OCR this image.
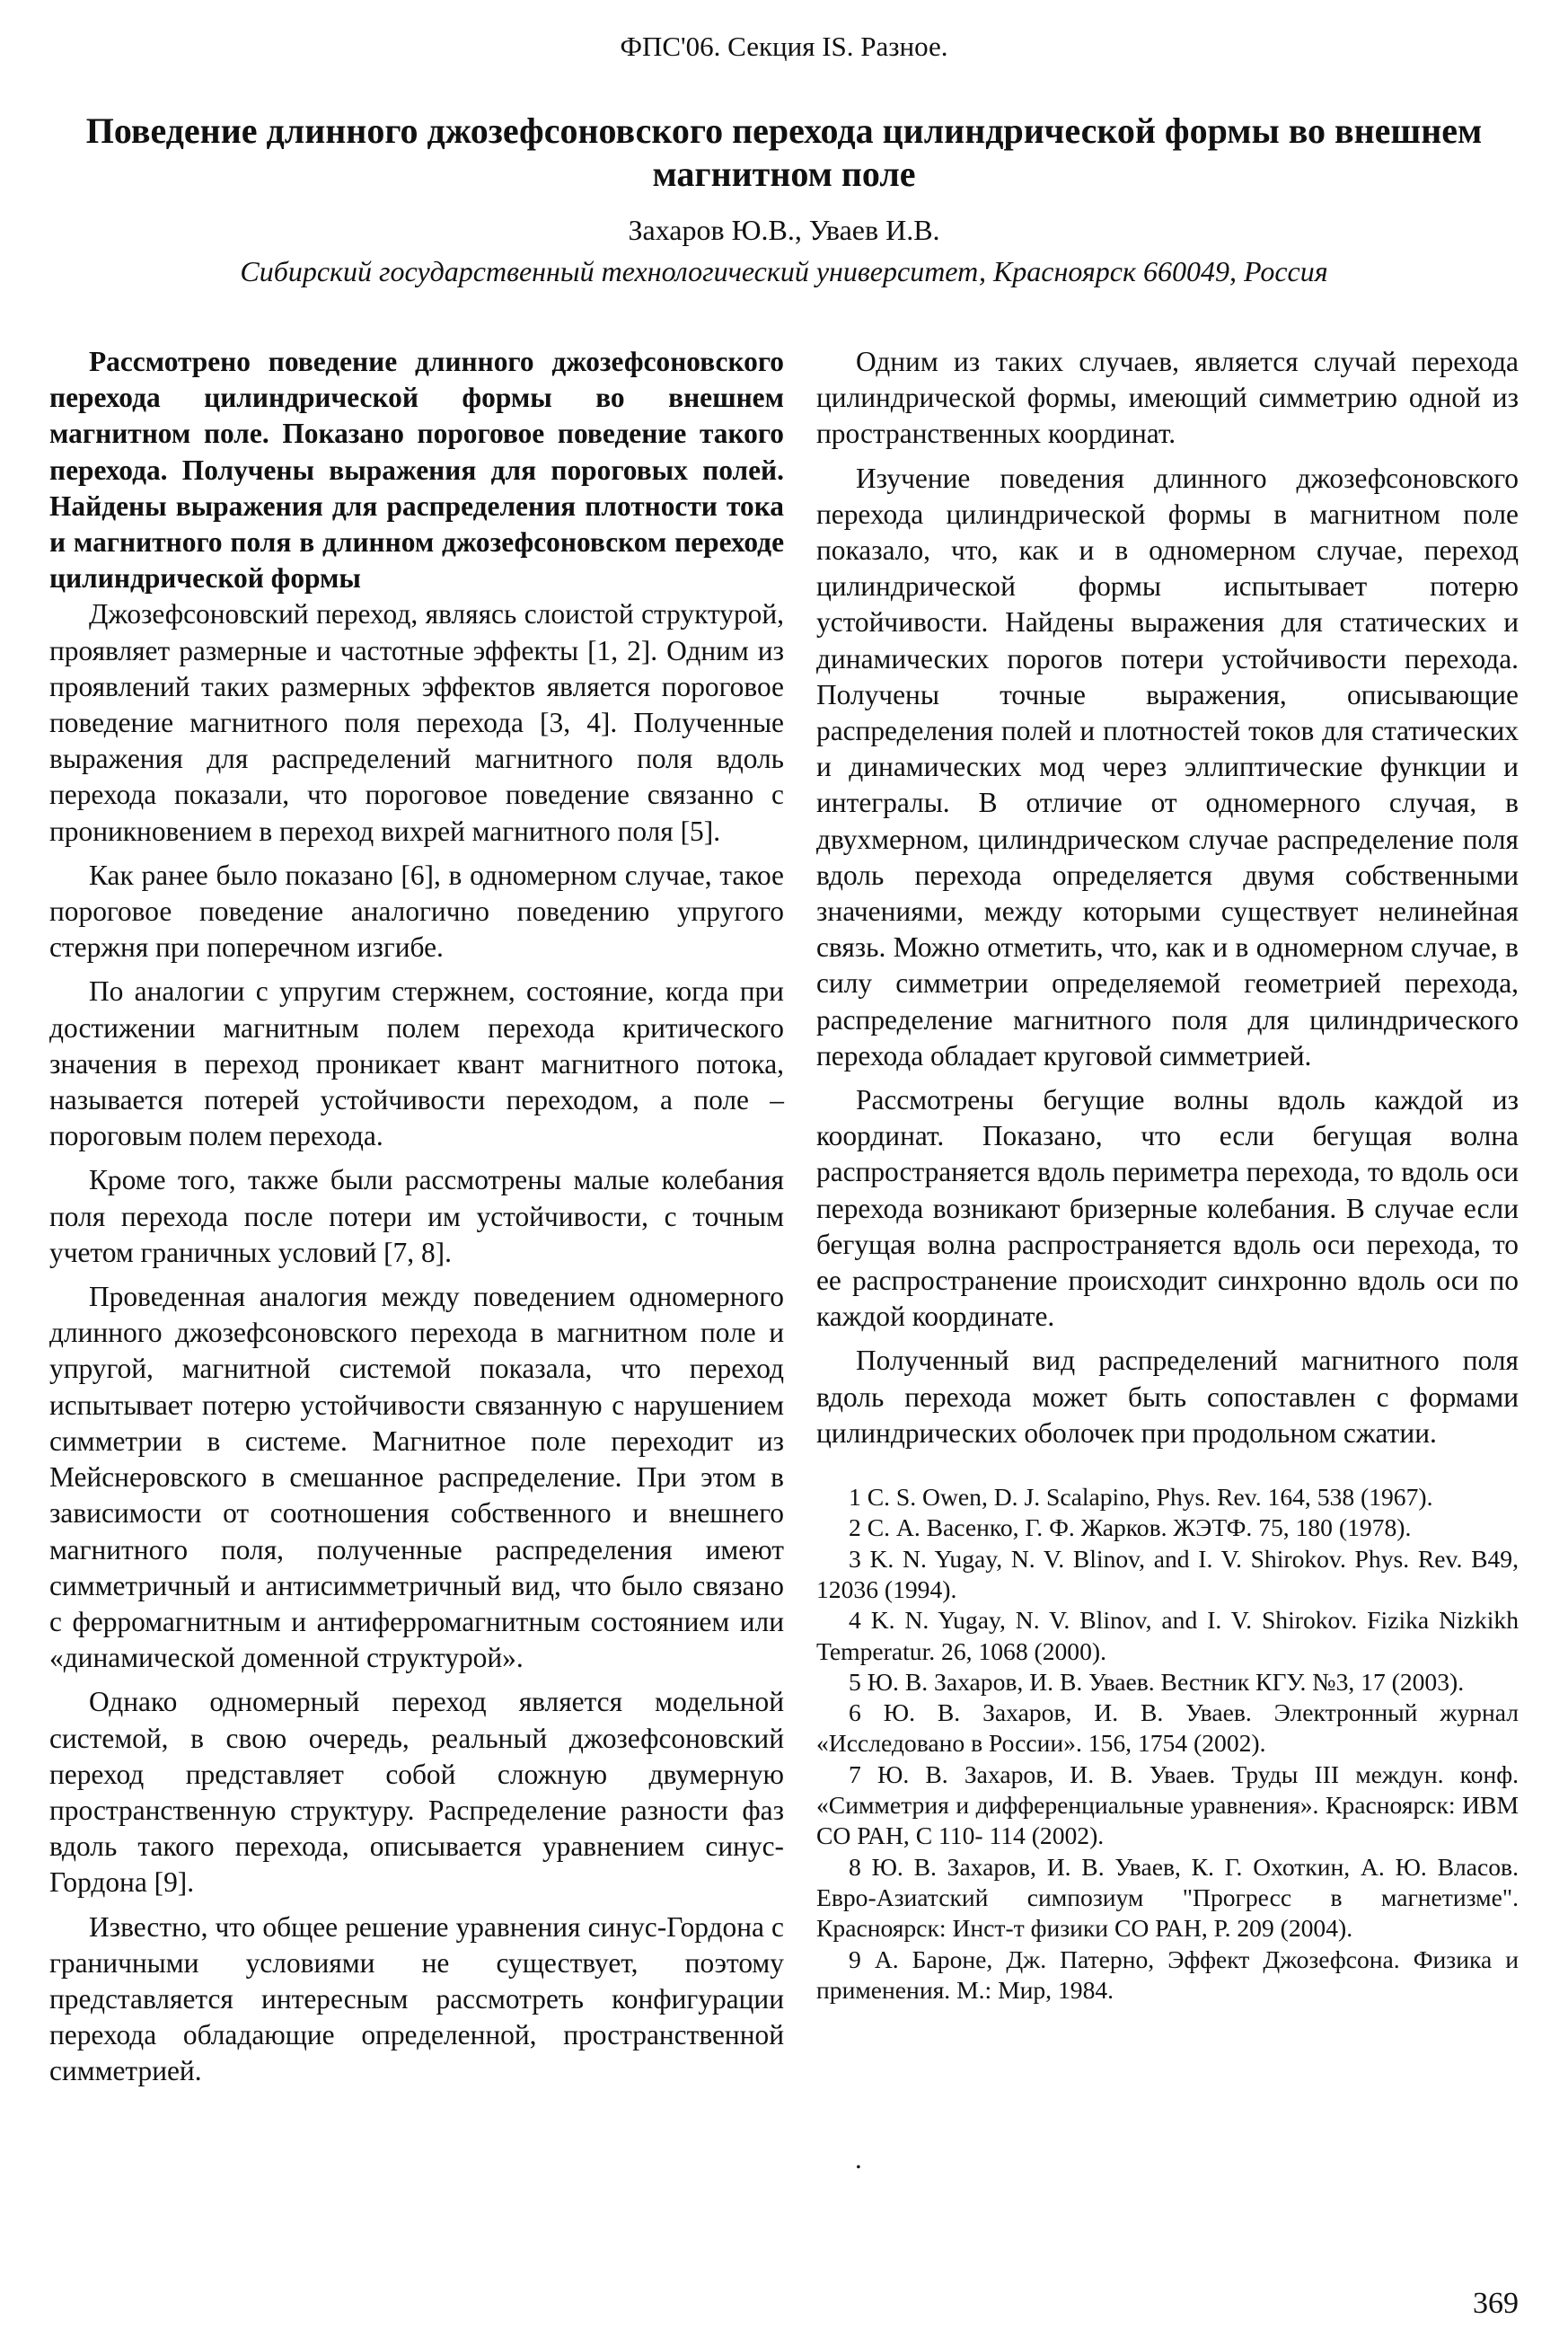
ФПС'06. Секция IS. Разное.
Поведение длинного джозефсоновского перехода цилиндрической формы во внешнем магнитном поле
Захаров Ю.В., Уваев И.В.
Сибирский государственный технологический университет, Красноярск 660049, Россия

Рассмотрено поведение длинного джозефсоновского перехода цилиндрической формы во внешнем магнитном поле. Показано пороговое поведение такого перехода. Получены выражения для пороговых полей. Найдены выражения для распределения плотности тока и магнитного поля в длинном джозефсоновском переходе цилиндрической формы

Джозефсоновский переход, являясь слоистой структурой, проявляет размерные и частотные эффекты [1, 2]. Одним из проявлений таких размерных эффектов является пороговое поведение магнитного поля перехода [3, 4]. Полученные выражения для распределений магнитного поля вдоль перехода показали, что пороговое поведение связанно с проникновением в переход вихрей магнитного поля [5].

Как ранее было показано [6], в одномерном случае, такое пороговое поведение аналогично поведению упругого стержня при поперечном изгибе.

По аналогии с упругим стержнем, состояние, когда при достижении магнитным полем перехода критического значения в переход проникает квант магнитного потока, называется потерей устойчивости переходом, а поле – пороговым полем перехода.

Кроме того, также были рассмотрены малые колебания поля перехода после потери им устойчивости, с точным учетом граничных условий [7, 8].

Проведенная аналогия между поведением одномерного длинного джозефсоновского перехода в магнитном поле и упругой, магнитной системой показала, что переход испытывает потерю устойчивости связанную с нарушением симметрии в системе. Магнитное поле переходит из Мейснеровского в смешанное распределение. При этом в зависимости от соотношения собственного и внешнего магнитного поля, полученные распределения имеют симметричный и антисимметричный вид, что было связано с ферромагнитным и антиферромагнитным состоянием или «динамической доменной структурой».

Однако одномерный переход является модельной системой, в свою очередь, реальный джозефсоновский переход представляет собой сложную двумерную пространственную структуру. Распределение разности фаз вдоль такого перехода, описывается уравнением синус-Гордона [9].

Известно, что общее решение уравнения синус-Гордона с граничными условиями не существует, поэтому представляется интересным рассмотреть конфигурации перехода обладающие определенной, пространственной симметрией.

Одним из таких случаев, является случай перехода цилиндрической формы, имеющий симметрию одной из пространственных координат.

Изучение поведения длинного джозефсоновского перехода цилиндрической формы в магнитном поле показало, что, как и в одномерном случае, переход цилиндрической формы испытывает потерю устойчивости. Найдены выражения для статических и динамических порогов потери устойчивости перехода. Получены точные выражения, описывающие распределения полей и плотностей токов для статических и динамических мод через эллиптические функции и интегралы. В отличие от одномерного случая, в двухмерном, цилиндрическом случае распределение поля вдоль перехода определяется двумя собственными значениями, между которыми существует нелинейная связь. Можно отметить, что, как и в одномерном случае, в силу симметрии определяемой геометрией перехода, распределение магнитного поля для цилиндрического перехода обладает круговой симметрией.

Рассмотрены бегущие волны вдоль каждой из координат. Показано, что если бегущая волна распространяется вдоль периметра перехода, то вдоль оси перехода возникают бризерные колебания. В случае если бегущая волна распространяется вдоль оси перехода, то ее распространение происходит синхронно вдоль оси по каждой координате.

Полученный вид распределений магнитного поля вдоль перехода может быть сопоставлен с формами цилиндрических оболочек при продольном сжатии.

1 C. S. Owen, D. J. Scalapino, Phys. Rev. 164, 538 (1967).

2 С. А. Васенко, Г. Ф. Жарков. ЖЭТФ. 75, 180 (1978).

3 K. N. Yugay, N. V. Blinov, and I. V. Shirokov. Phys. Rev. B49, 12036 (1994).

4 K. N. Yugay, N. V. Blinov, and I. V. Shirokov. Fizika Nizkikh Temperatur. 26, 1068 (2000).

5 Ю. В. Захаров, И. В. Уваев. Вестник КГУ. №3, 17 (2003).

6 Ю. В. Захаров, И. В. Уваев. Электронный журнал «Исследовано в России». 156, 1754 (2002).

7 Ю. В. Захаров, И. В. Уваев. Труды III междун. конф. «Симметрия и дифференциальные уравнения». Красноярск: ИВМ СО РАН, С 110- 114 (2002).

8 Ю. В. Захаров, И. В. Уваев, К. Г. Охоткин, А. Ю. Власов. Евро-Азиатский симпозиум "Прогресс в магнетизме". Красноярск: Инст-т физики СО РАН, Р. 209 (2004).

9 А. Бароне, Дж. Патерно, Эффект Джозефсона. Физика и применения. М.: Мир, 1984.

.
369
